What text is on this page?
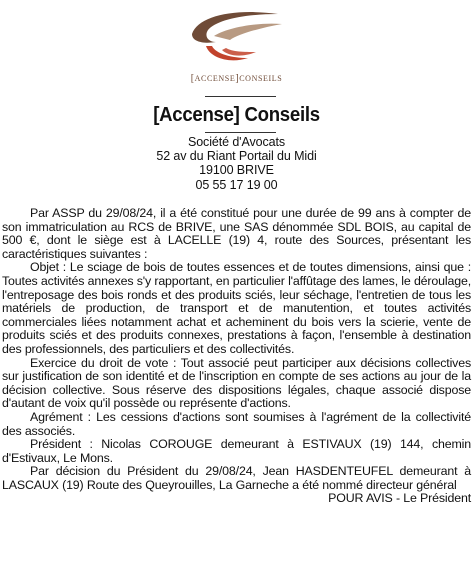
[ACCENSE]CONSEILS
[Accense] Conseils
Société d'Avocats
52 av du Riant Portail du Midi
19100 BRIVE
05 55 17 19 00

Par ASSP du 29/08/24, il a été constitué pour une durée de 99 ans à compter de son immatriculation au RCS de BRIVE, une SAS dénommée SDL BOIS, au capital de 500 €, dont le siège est à LACELLE (19) 4, route des Sources, présentant les caractéristiques suivantes :

Objet : Le sciage de bois de toutes essences et de toutes dimensions, ainsi que : Toutes activités annexes s'y rapportant, en particulier l'affûtage des lames, le déroulage, l'entreposage des bois ronds et des produits sciés, leur séchage, l'entretien de tous les matériels de production, de transport et de manutention, et toutes activités commerciales liées notamment achat et acheminent du bois vers la scierie, vente de produits sciés et des produits connexes, prestations à façon, l'ensemble à destination des professionnels, des particuliers et des collectivités.

Exercice du droit de vote : Tout associé peut participer aux décisions collectives sur justification de son identité et de l'inscription en compte de ses actions au jour de la décision collective. Sous réserve des dispositions légales, chaque associé dispose d'autant de voix qu'il possède ou représente d'actions.

Agrément : Les cessions d'actions sont soumises à l'agrément de la collectivité des associés.

Président : Nicolas COROUGE demeurant à ESTIVAUX (19) 144, chemin d'Estivaux, Le Mons.

Par décision du Président du 29/08/24, Jean HASDENTEUFEL demeurant à LASCAUX (19) Route des Queyrouilles, La Garneche a été nommé directeur général

POUR AVIS - Le Président
